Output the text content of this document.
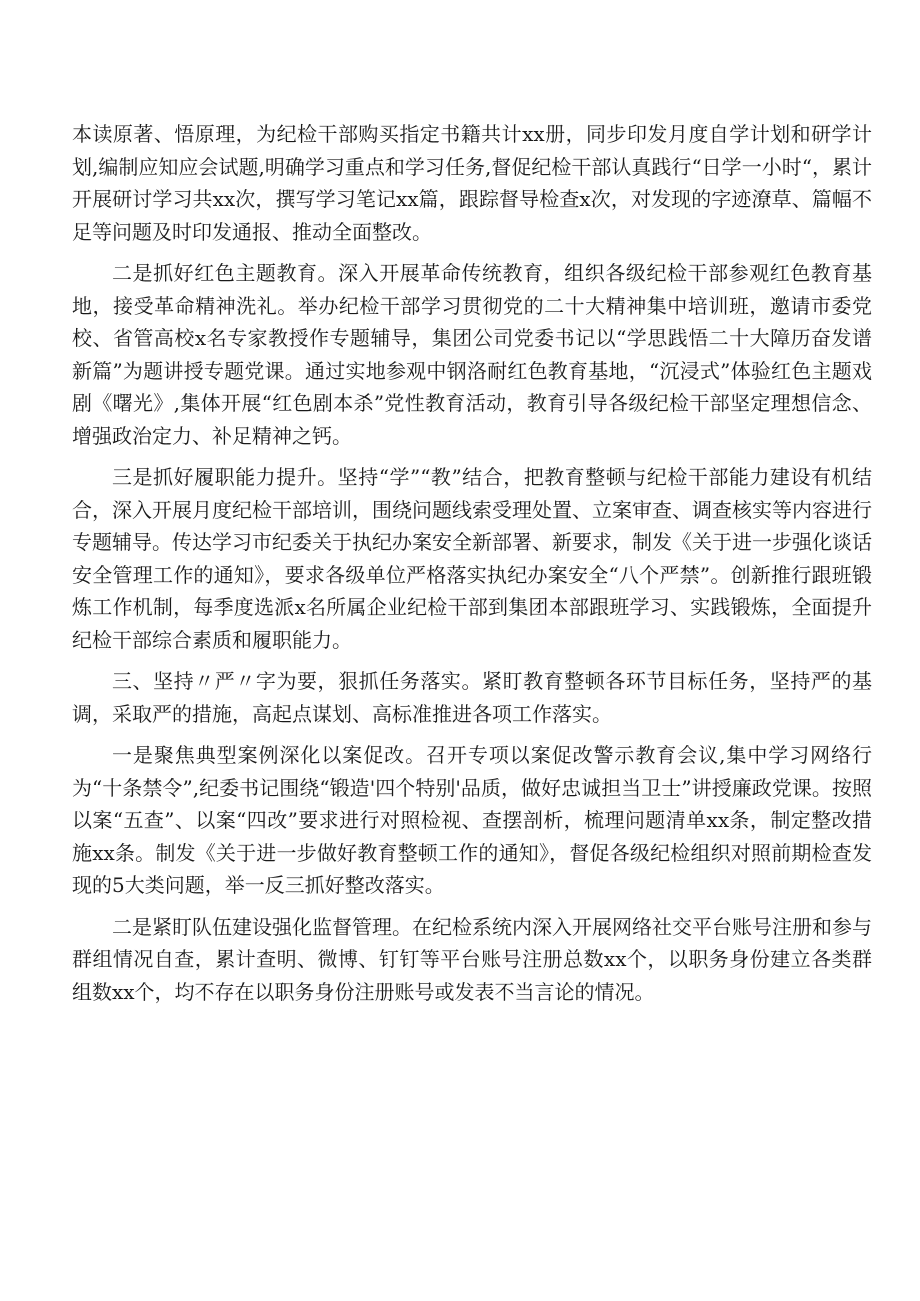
本读原著、悟原理，为纪检干部购买指定书籍共计xx册，同步印发月度自学计划和研学计划,编制应知应会试题,明确学习重点和学习任务,督促纪检干部认真践行“日学一小时“，累计开展研讨学习共xx次，撰写学习笔记xx篇，跟踪督导检查x次，对发现的字迹潦草、篇幅不足等问题及时印发通报、推动全面整改。

二是抓好红色主题教育。深入开展革命传统教育，组织各级纪检干部参观红色教育基地，接受革命精神洗礼。举办纪检干部学习贯彻党的二十大精神集中培训班，邀请市委党校、省管高校x名专家教授作专题辅导，集团公司党委书记以“学思践悟二十大障历奋发谱新篇”为题讲授专题党课。通过实地参观中钢洛耐红色教育基地，“沉浸式”体验红色主题戏剧《曙光》,集体开展“红色剧本杀”党性教育活动，教育引导各级纪检干部坚定理想信念、增强政治定力、补足精神之钙。

三是抓好履职能力提升。坚持“学”“教”结合，把教育整顿与纪检干部能力建设有机结合，深入开展月度纪检干部培训，围绕问题线索受理处置、立案审查、调查核实等内容进行专题辅导。传达学习市纪委关于执纪办案安全新部署、新要求，制发《关于进一步强化谈话安全管理工作的通知》，要求各级单位严格落实执纪办案安全“八个严禁”。创新推行跟班锻炼工作机制，每季度选派x名所属企业纪检干部到集团本部跟班学习、实践锻炼，全面提升纪检干部综合素质和履职能力。

三、坚持〃严〃字为要，狠抓任务落实。紧盯教育整顿各环节目标任务，坚持严的基调，采取严的措施，高起点谋划、高标准推进各项工作落实。

一是聚焦典型案例深化以案促改。召开专项以案促改警示教育会议,集中学习网络行为“十条禁令”,纪委书记围绕“锻造'四个特别'品质，做好忠诚担当卫士”讲授廉政党课。按照以案“五查”、以案“四改”要求进行对照检视、查摆剖析，梳理问题清单xx条，制定整改措施xx条。制发《关于进一步做好教育整顿工作的通知》，督促各级纪检组织对照前期检查发现的5大类问题，举一反三抓好整改落实。

二是紧盯队伍建设强化监督管理。在纪检系统内深入开展网络社交平台账号注册和参与群组情况自查，累计查明、微博、钉钉等平台账号注册总数xx个，以职务身份建立各类群组数xx个，均不存在以职务身份注册账号或发表不当言论的情况。
